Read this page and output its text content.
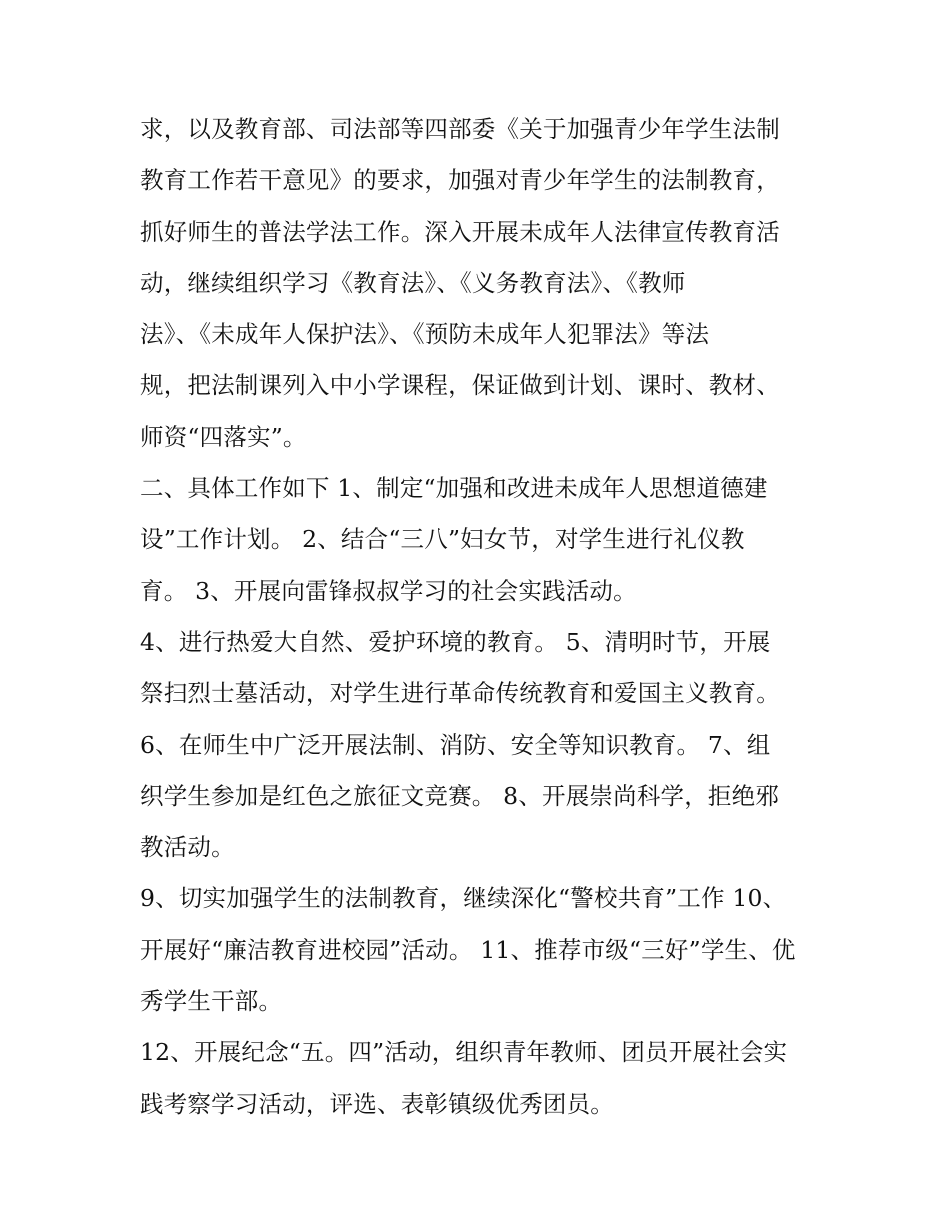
求，以及教育部、司法部等四部委《关于加强青少年学生法制
教育工作若干意见》的要求，加强对青少年学生的法制教育，
抓好师生的普法学法工作。深入开展未成年人法律宣传教育活
动，继续组织学习《教育法》、《义务教育法》、《教师
法》、《未成年人保护法》、《预防未成年人犯罪法》等法
规，把法制课列入中小学课程，保证做到计划、课时、教材、
师资“四落实”。
二、具体工作如下 1、制定“加强和改进未成年人思想道德建
设”工作计划。 2、结合“三八”妇女节，对学生进行礼仪教
育。 3、开展向雷锋叔叔学习的社会实践活动。
4、进行热爱大自然、爱护环境的教育。 5、清明时节，开展
祭扫烈士墓活动，对学生进行革命传统教育和爱国主义教育。
6、在师生中广泛开展法制、消防、安全等知识教育。 7、组
织学生参加是红色之旅征文竞赛。 8、开展崇尚科学，拒绝邪
教活动。
9、切实加强学生的法制教育，继续深化“警校共育”工作 10、
开展好“廉洁教育进校园”活动。 11、推荐市级“三好”学生、优
秀学生干部。
12、开展纪念“五。四”活动，组织青年教师、团员开展社会实
践考察学习活动，评选、表彰镇级优秀团员。
